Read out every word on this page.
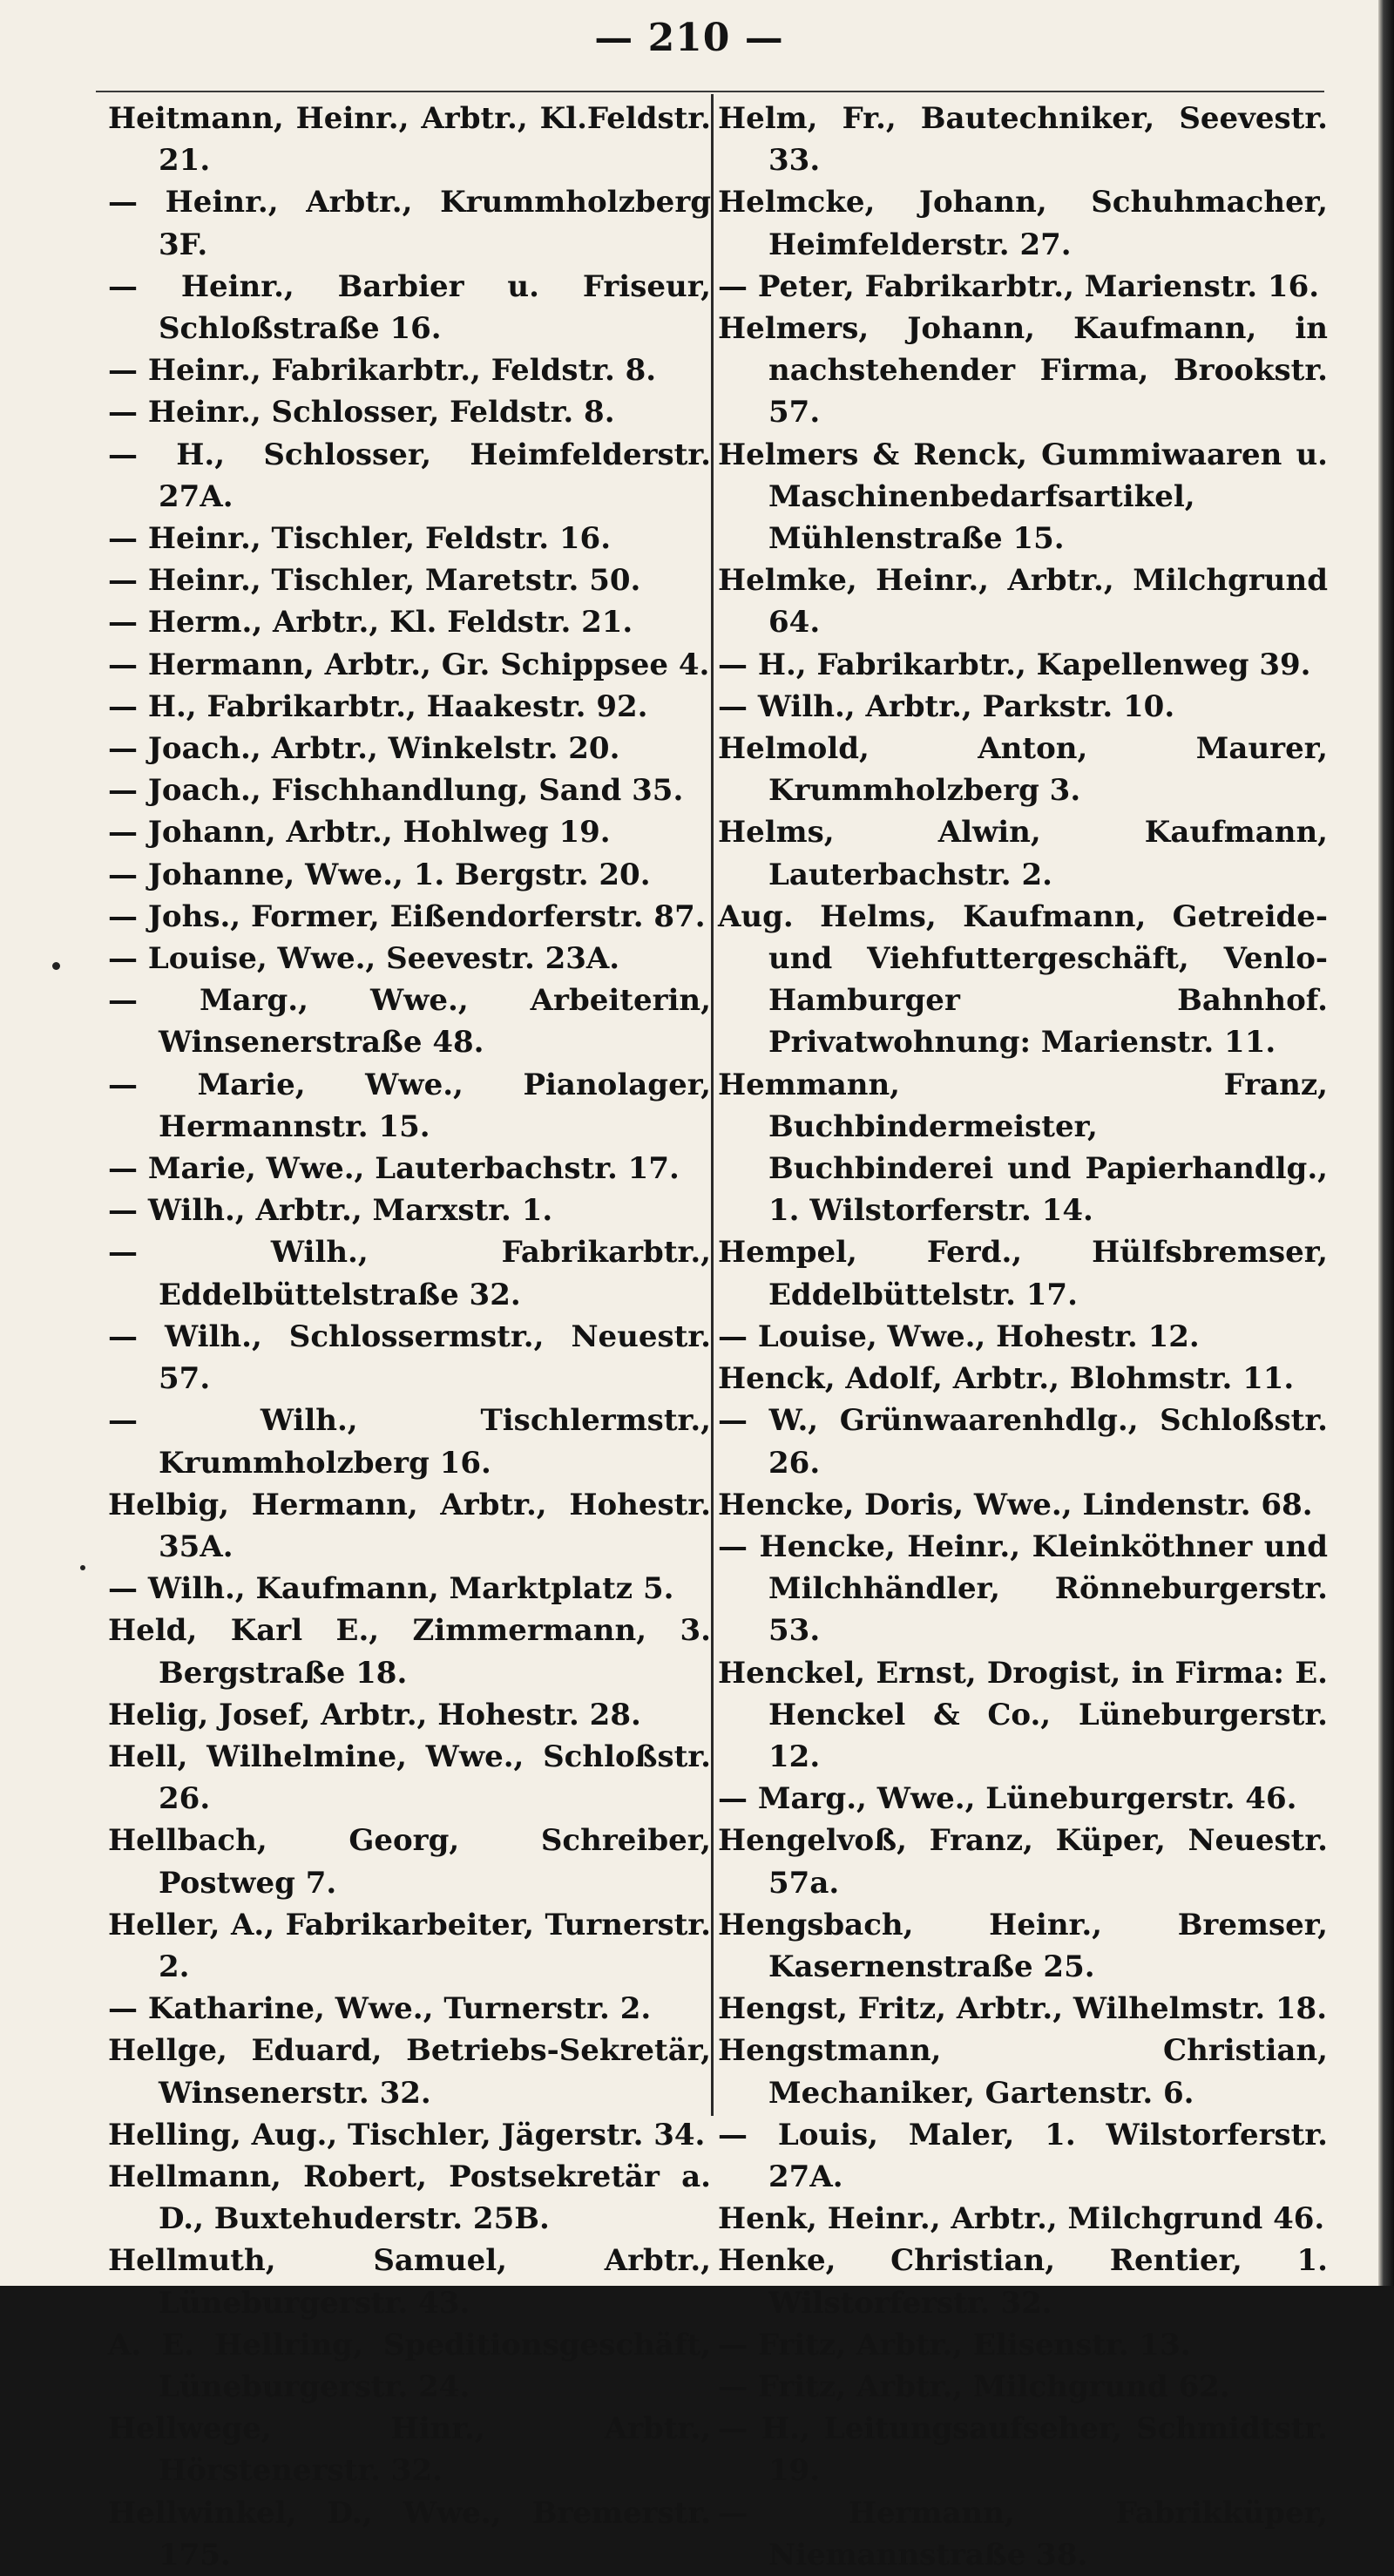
— 210 —
Heitmann, Heinr., Arbtr., Kl.Feldstr. 21.
— Heinr., Arbtr., Krummholzberg 3F.
— Heinr., Barbier u. Friseur, Schloßstraße 16.
— Heinr., Fabrikarbtr., Feldstr. 8.
— Heinr., Schlosser, Feldstr. 8.
— H., Schlosser, Heimfelderstr. 27A.
— Heinr., Tischler, Feldstr. 16.
— Heinr., Tischler, Maretstr. 50.
— Herm., Arbtr., Kl. Feldstr. 21.
— Hermann, Arbtr., Gr. Schippsee 4.
— H., Fabrikarbtr., Haakestr. 92.
— Joach., Arbtr., Winkelstr. 20.
— Joach., Fischhandlung, Sand 35.
— Johann, Arbtr., Hohlweg 19.
— Johanne, Wwe., 1. Bergstr. 20.
— Johs., Former, Eißendorferstr. 87.
— Louise, Wwe., Seevestr. 23A.
— Marg., Wwe., Arbeiterin, Winsenerstraße 48.
— Marie, Wwe., Pianolager, Hermannstr. 15.
— Marie, Wwe., Lauterbachstr. 17.
— Wilh., Arbtr., Marxstr. 1.
— Wilh., Fabrikarbtr., Eddelbüttelstraße 32.
— Wilh., Schlossermstr., Neuestr. 57.
— Wilh., Tischlermstr., Krummholzberg 16.
Helbig, Hermann, Arbtr., Hohestr. 35A.
— Wilh., Kaufmann, Marktplatz 5.
Held, Karl E., Zimmermann, 3. Bergstraße 18.
Helig, Josef, Arbtr., Hohestr. 28.
Hell, Wilhelmine, Wwe., Schloßstr. 26.
Hellbach, Georg, Schreiber, Postweg 7.
Heller, A., Fabrikarbeiter, Turnerstr. 2.
— Katharine, Wwe., Turnerstr. 2.
Hellge, Eduard, Betriebs-Sekretär, Winsenerstr. 32.
Helling, Aug., Tischler, Jägerstr. 34.
Hellmann, Robert, Postsekretär a. D., Buxtehuderstr. 25B.
Hellmuth, Samuel, Arbtr., Lüneburgerstr. 43.
A. E. Hellring, Speditionsgeschäft, Lüneburgerstr. 24.
Hellwege, Hinr., Arbtr., Hörstenerstr. 32.
Hellwinkel, D., Wwe., Bremerstr. 175.
Helm, Fr., Bautechniker, Seevestr. 33.
Helmcke, Johann, Schuhmacher, Heimfelderstr. 27.
— Peter, Fabrikarbtr., Marienstr. 16.
Helmers, Johann, Kaufmann, in nachstehender Firma, Brookstr. 57.
Helmers & Renck, Gummiwaaren u. Maschinenbedarfsartikel, Mühlenstraße 15.
Helmke, Heinr., Arbtr., Milchgrund 64.
— H., Fabrikarbtr., Kapellenweg 39.
— Wilh., Arbtr., Parkstr. 10.
Helmold, Anton, Maurer, Krummholzberg 3.
Helms, Alwin, Kaufmann, Lauterbachstr. 2.
Aug. Helms, Kaufmann, Getreide- und Viehfuttergeschäft, Venlo-Hamburger Bahnhof. Privatwohnung: Marienstr. 11.
Hemmann, Franz, Buchbindermeister, Buchbinderei und Papierhandlg., 1. Wilstorferstr. 14.
Hempel, Ferd., Hülfsbremser, Eddelbüttelstr. 17.
— Louise, Wwe., Hohestr. 12.
Henck, Adolf, Arbtr., Blohmstr. 11.
— W., Grünwaarenhdlg., Schloßstr. 26.
Hencke, Doris, Wwe., Lindenstr. 68.
— Hencke, Heinr., Kleinköthner und Milchhändler, Rönneburgerstr. 53.
Henckel, Ernst, Drogist, in Firma: E. Henckel & Co., Lüneburgerstr. 12.
— Marg., Wwe., Lüneburgerstr. 46.
Hengelvoß, Franz, Küper, Neuestr. 57a.
Hengsbach, Heinr., Bremser, Kasernenstraße 25.
Hengst, Fritz, Arbtr., Wilhelmstr. 18.
Hengstmann, Christian, Mechaniker, Gartenstr. 6.
— Louis, Maler, 1. Wilstorferstr. 27A.
Henk, Heinr., Arbtr., Milchgrund 46.
Henke, Christian, Rentier, 1. Wilstorferstr. 32.
— Fritz, Arbtr., Elisenstr. 13.
— Fritz, Arbtr., Milchgrund 62.
— H., Leitungsaufseher, Schmidtstr. 19.
— Hermann, Fabrikküper, Niemannstraße 38.
